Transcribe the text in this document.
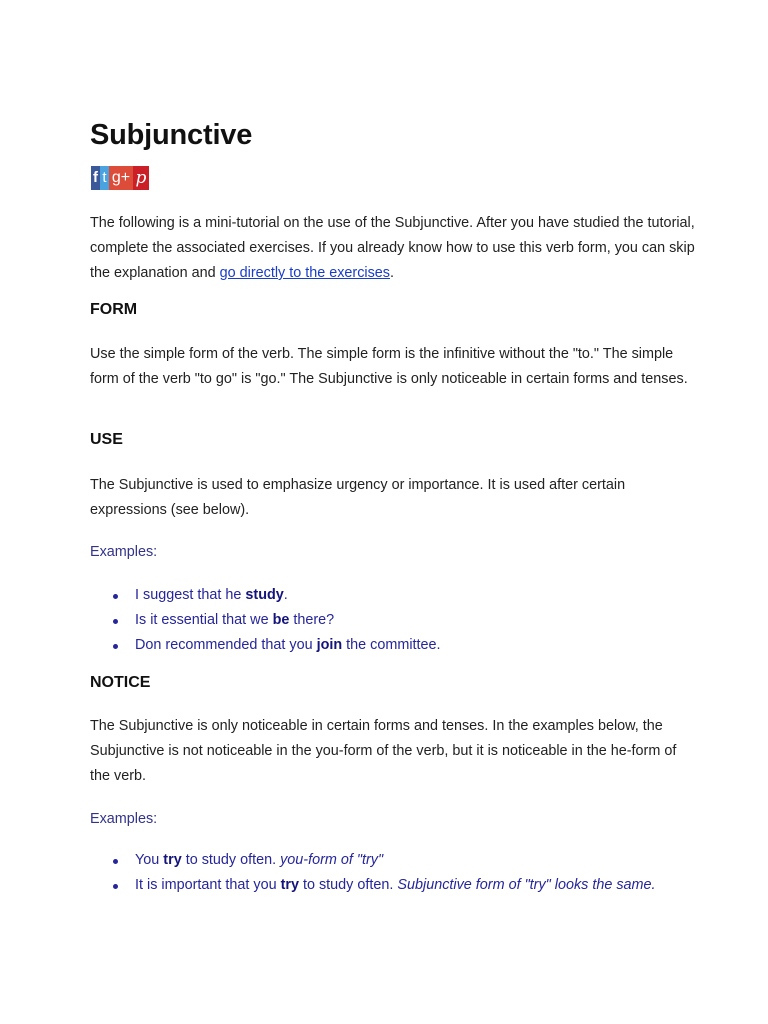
Subjunctive
f t g+ p

The following is a mini-tutorial on the use of the Subjunctive. After you have studied the tutorial, complete the associated exercises. If you already know how to use this verb form, you can skip the explanation and go directly to the exercises.

FORM

Use the simple form of the verb. The simple form is the infinitive without the "to." The simple form of the verb "to go" is "go." The Subjunctive is only noticeable in certain forms and tenses.

USE

The Subjunctive is used to emphasize urgency or importance. It is used after certain expressions (see below).

Examples:

I suggest that he study.
Is it essential that we be there?
Don recommended that you join the committee.
NOTICE

The Subjunctive is only noticeable in certain forms and tenses. In the examples below, the Subjunctive is not noticeable in the you-form of the verb, but it is noticeable in the he-form of the verb.

Examples:

You try to study often. you-form of "try"
It is important that you try to study often. Subjunctive form of "try" looks the same.
